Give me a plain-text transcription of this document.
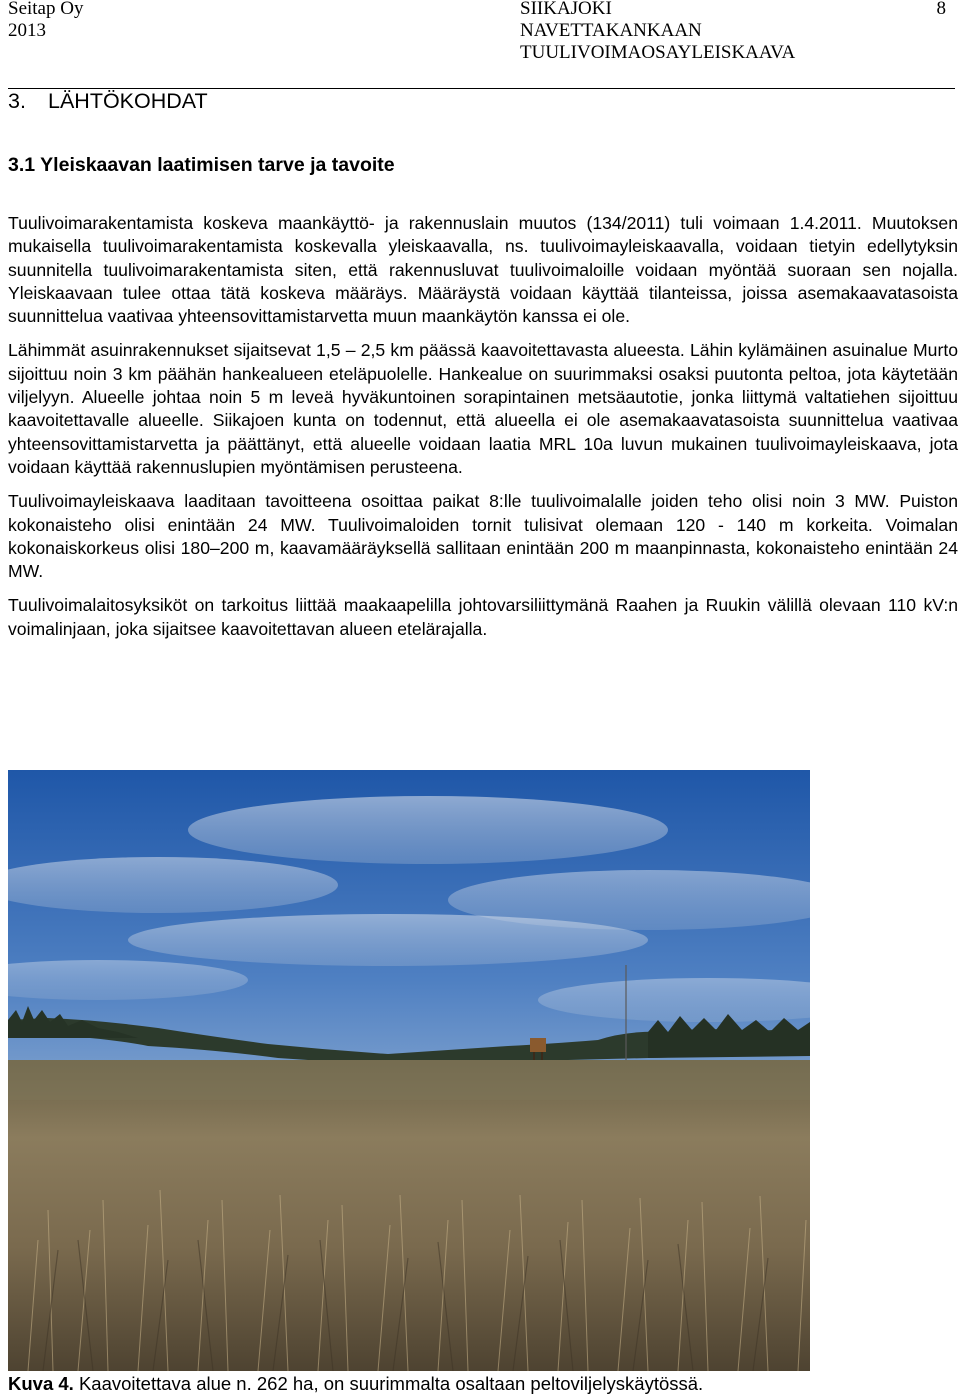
Seitap Oy
2013
SIIKAJOKI
NAVETTAKANKAAN
TUULIVOIMAOSAYLEISKAAVA
8
3. LÄHTÖKOHDAT
3.1 Yleiskaavan laatimisen tarve ja tavoite

Tuulivoimarakentamista koskeva maankäyttö- ja rakennuslain muutos (134/2011) tuli voimaan 1.4.2011. Muutoksen mukaisella tuulivoimarakentamista koskevalla yleiskaavalla, ns. tuulivoimayleiskaavalla, voidaan tietyin edellytyksin suunnitella tuulivoimarakentamista siten, että rakennusluvat tuulivoimaloille voidaan myöntää suoraan sen nojalla. Yleiskaavaan tulee ottaa tätä koskeva määräys. Määräystä voidaan käyttää tilanteissa, joissa asemakaavatasoista suunnittelua vaativaa yhteensovittamistarvetta muun maankäytön kanssa ei ole.

Lähimmät asuinrakennukset sijaitsevat 1,5 – 2,5 km päässä kaavoitettavasta alueesta. Lähin kylämäinen asuinalue Murto sijoittuu noin 3 km päähän hankealueen eteläpuolelle. Hankealue on suurimmaksi osaksi puutonta peltoa, jota käytetään viljelyyn. Alueelle johtaa noin 5 m leveä hyväkuntoinen sorapintainen metsäautotie, jonka liittymä valtatiehen sijoittuu kaavoitettavalle alueelle. Siikajoen kunta on todennut, että alueella ei ole asemakaavatasoista suunnittelua vaativaa yhteensovittamistarvetta ja päättänyt, että alueelle voidaan laatia MRL 10a luvun mukainen tuulivoimayleiskaava, jota voidaan käyttää rakennuslupien myöntämisen perusteena.

Tuulivoimayleiskaava laaditaan tavoitteena osoittaa paikat 8:lle tuulivoimalalle joiden teho olisi noin 3 MW. Puiston kokonaisteho olisi enintään 24 MW. Tuulivoimaloiden tornit tulisivat olemaan 120 - 140 m korkeita. Voimalan kokonaiskorkeus olisi 180–200 m, kaavamääräyksellä sallitaan enintään 200 m maanpinnasta, kokonaisteho enintään 24 MW.

Tuulivoimalaitosyksiköt on tarkoitus liittää maakaapelilla johtovarsiliittymänä Raahen ja Ruukin välillä olevaan 110 kV:n voimalinjaan, joka sijaitsee kaavoitettavan alueen etelärajalla.

Kuva 4. Kaavoitettava alue n. 262 ha, on suurimmalta osaltaan peltoviljelyskäytössä.
